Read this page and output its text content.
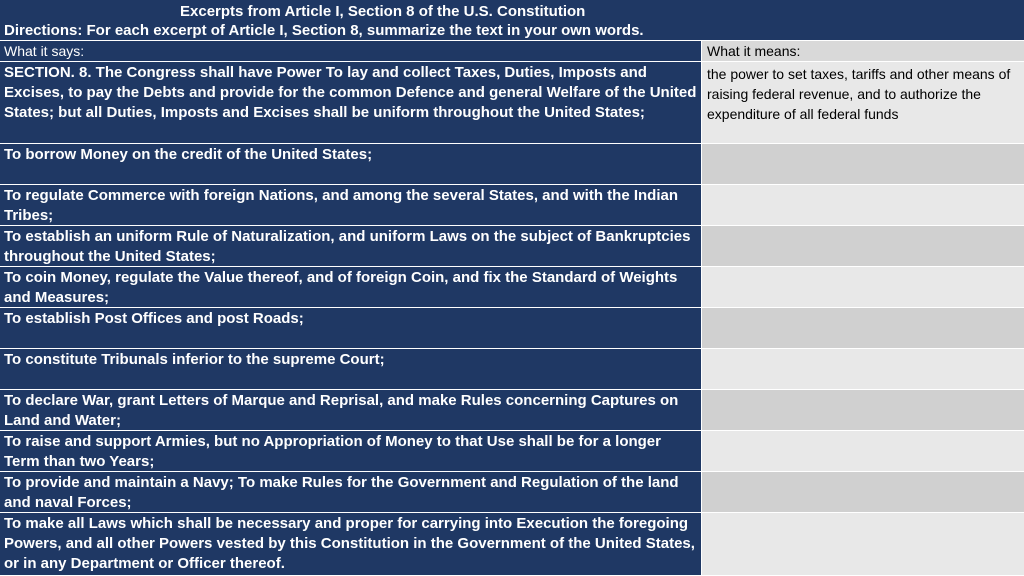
Excerpts from Article I, Section 8 of the U.S. Constitution
Directions: For each excerpt of Article I, Section 8, summarize the text in your own words.
What it says:	What it means:
SECTION. 8. The Congress shall have Power To lay and collect Taxes, Duties, Imposts and Excises, to pay the Debts and provide for the common Defence and general Welfare of the United States; but all Duties, Imposts and Excises shall be uniform throughout the United States;
the power to set taxes, tariffs and other means of raising federal revenue, and to authorize the expenditure of all federal funds
To borrow Money on the credit of the United States;
To regulate Commerce with foreign Nations, and among the several States, and with the Indian Tribes;
To establish an uniform Rule of Naturalization, and uniform Laws on the subject of Bankruptcies throughout the United States;
To coin Money, regulate the Value thereof, and of foreign Coin, and fix the Standard of Weights and Measures;
To establish Post Offices and post Roads;
To constitute Tribunals inferior to the supreme Court;
To declare War, grant Letters of Marque and Reprisal, and make Rules concerning Captures on Land and Water;
To raise and support Armies, but no Appropriation of Money to that Use shall be for a longer Term than two Years;
To provide and maintain a Navy; To make Rules for the Government and Regulation of the land and naval Forces;
To make all Laws which shall be necessary and proper for carrying into Execution the foregoing Powers, and all other Powers vested by this Constitution in the Government of the United States, or in any Department or Officer thereof.
